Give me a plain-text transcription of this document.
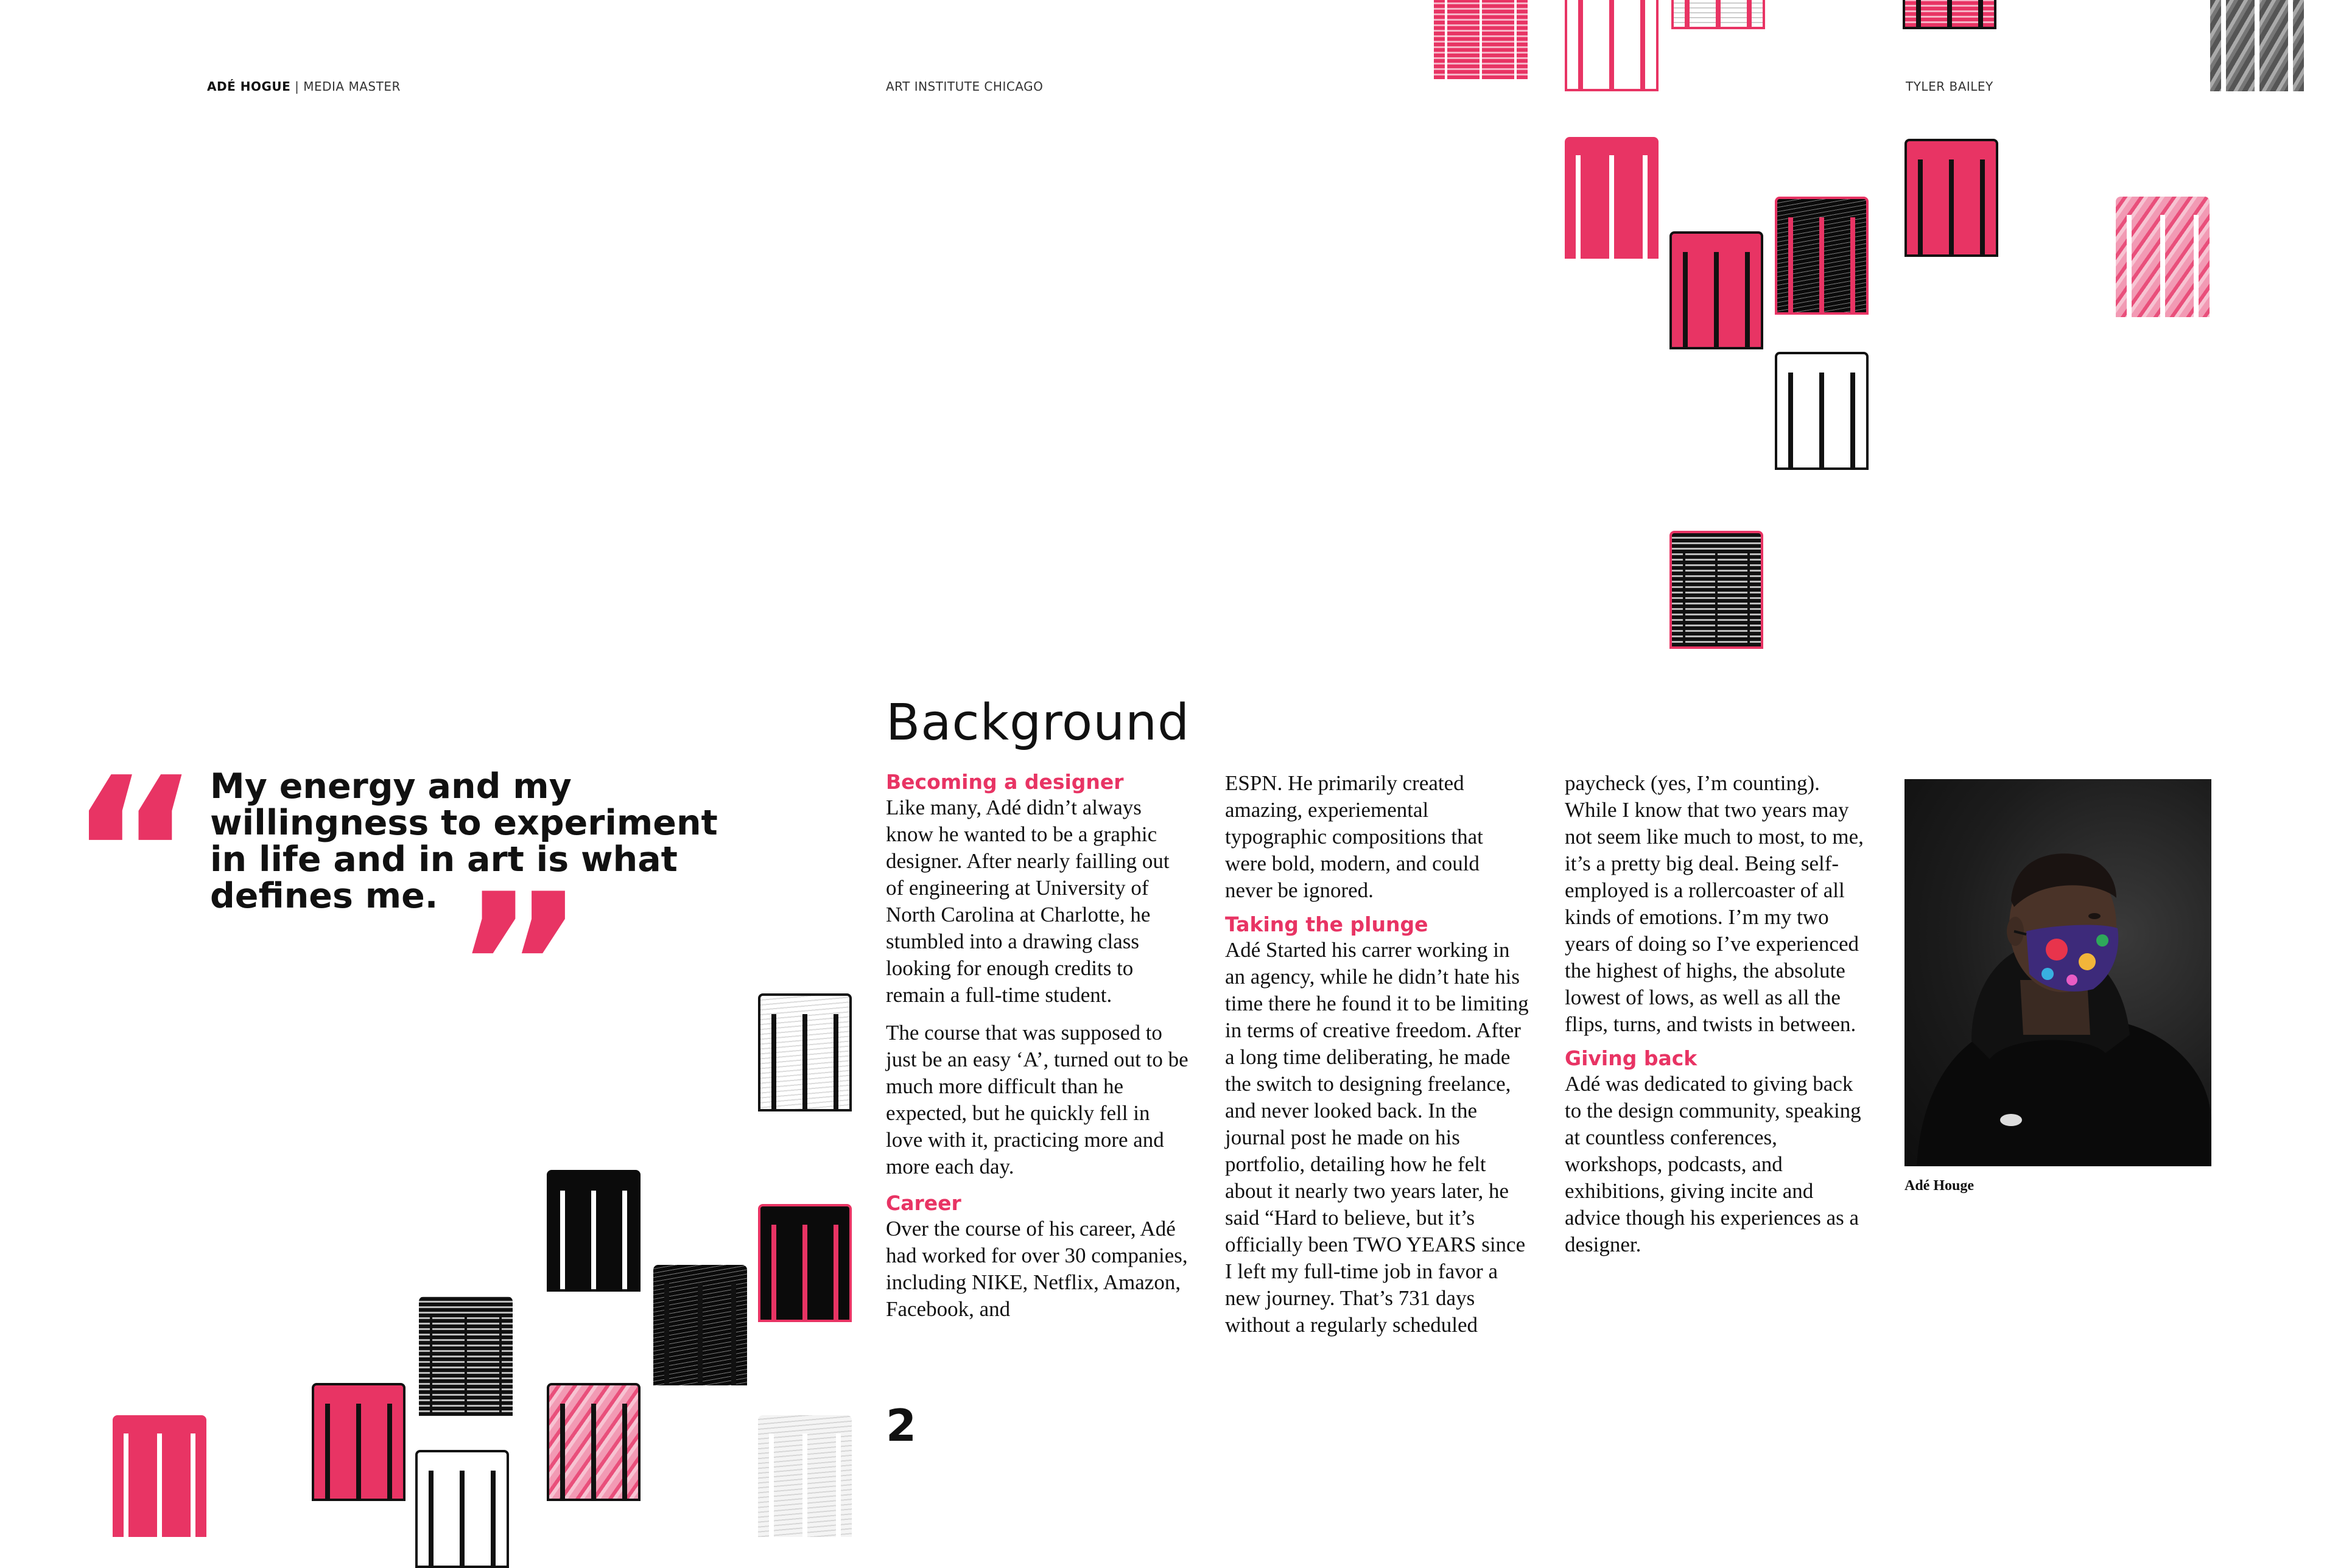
ADÉ HOGUE | MEDIA MASTER	ART INSTITUTE CHICAGO	TYLER BAILEY
“ My energy and my willingness to experiment in life and in art is what defines me. ”
Background
Becoming a designer

Like many, Adé didn’t always know he wanted to be a graphic designer. After nearly failling out of engineering at University of North Carolina at Charlotte, he stumbled into a drawing class looking for enough credits to remain a full-time student.

The course that was supposed to just be an easy ‘A’, turned out to be much more difficult than he expected, but he quickly fell in love with it, practicing more and more each day.

Career

Over the course of his career, Adé had worked for over 30 companies, including NIKE, Netflix, Amazon, Facebook, and

ESPN. He primarily created amazing, experiemental typographic compositions that were bold, modern, and could never be ignored.

Taking the plunge

Adé Started his carrer working in an agency, while he didn’t hate his time there he found it to be limiting in terms of creative freedom. After a long time deliberating, he made the switch to designing freelance, and never looked back. In the journal post he made on his portfolio, detailing how he felt about it nearly two years later, he said “Hard to believe, but it’s officially been TWO YEARS since I left my full-time job in favor a new journey. That’s 731 days without a regularly scheduled

paycheck (yes, I’m counting). While I know that two years may not seem like much to most, to me, it’s a pretty big deal. Being self-employed is a rollercoaster of all kinds of emotions. I’m my two years of doing so I’ve experienced the highest of highs, the absolute lowest of lows, as well as all the flips, turns, and twists in between.

Giving back

Adé was dedicated to giving back to the design community, speaking at countless conferences, workshops, podcasts, and exhibitions, giving incite and advice though his experiences as a designer.

2
Adé Houge
